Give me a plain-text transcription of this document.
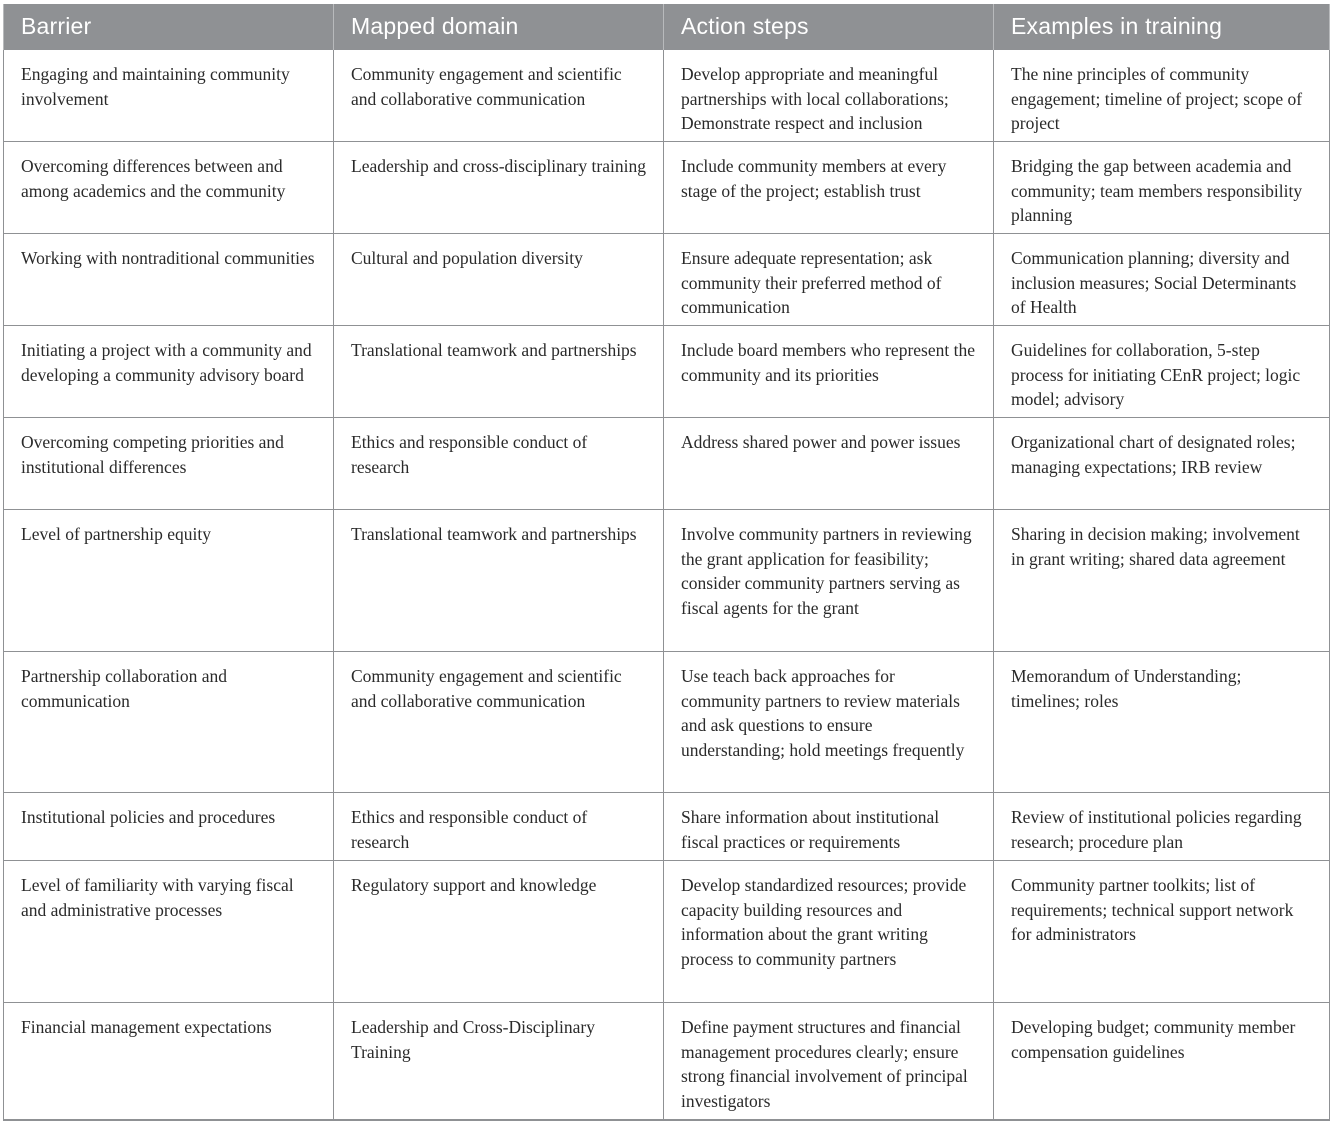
Barrier	Mapped domain	Action steps	Examples in training
Engaging and maintaining community involvement	Community engagement and scientific and collaborative communication	Develop appropriate and meaningful partnerships with local collaborations; Demonstrate respect and inclusion	The nine principles of community engagement; timeline of project; scope of project
Overcoming differences between and among academics and the community	Leadership and cross-disciplinary training	Include community members at every stage of the project; establish trust	Bridging the gap between academia and community; team members responsibility planning
Working with nontraditional communities	Cultural and population diversity	Ensure adequate representation; ask community their preferred method of communication	Communication planning; diversity and inclusion measures; Social Determinants of Health
Initiating a project with a community and developing a community advisory board	Translational teamwork and partnerships	Include board members who represent the community and its priorities	Guidelines for collaboration, 5-step process for initiating CEnR project; logic model; advisory
Overcoming competing priorities and institutional differences	Ethics and responsible conduct of research	Address shared power and power issues	Organizational chart of designated roles; managing expectations; IRB review
Level of partnership equity	Translational teamwork and partnerships	Involve community partners in reviewing the grant application for feasibility; consider community partners serving as fiscal agents for the grant	Sharing in decision making; involvement in grant writing; shared data agreement
Partnership collaboration and communication	Community engagement and scientific and collaborative communication	Use teach back approaches for community partners to review materials and ask questions to ensure understanding; hold meetings frequently	Memorandum of Understanding; timelines; roles
Institutional policies and procedures	Ethics and responsible conduct of research	Share information about institutional fiscal practices or requirements	Review of institutional policies regarding research; procedure plan
Level of familiarity with varying fiscal and administrative processes	Regulatory support and knowledge	Develop standardized resources; provide capacity building resources and information about the grant writing process to community partners	Community partner toolkits; list of requirements; technical support network for administrators
Financial management expectations	Leadership and Cross-Disciplinary Training	Define payment structures and financial management procedures clearly; ensure strong financial involvement of principal investigators	Developing budget; community member compensation guidelines
